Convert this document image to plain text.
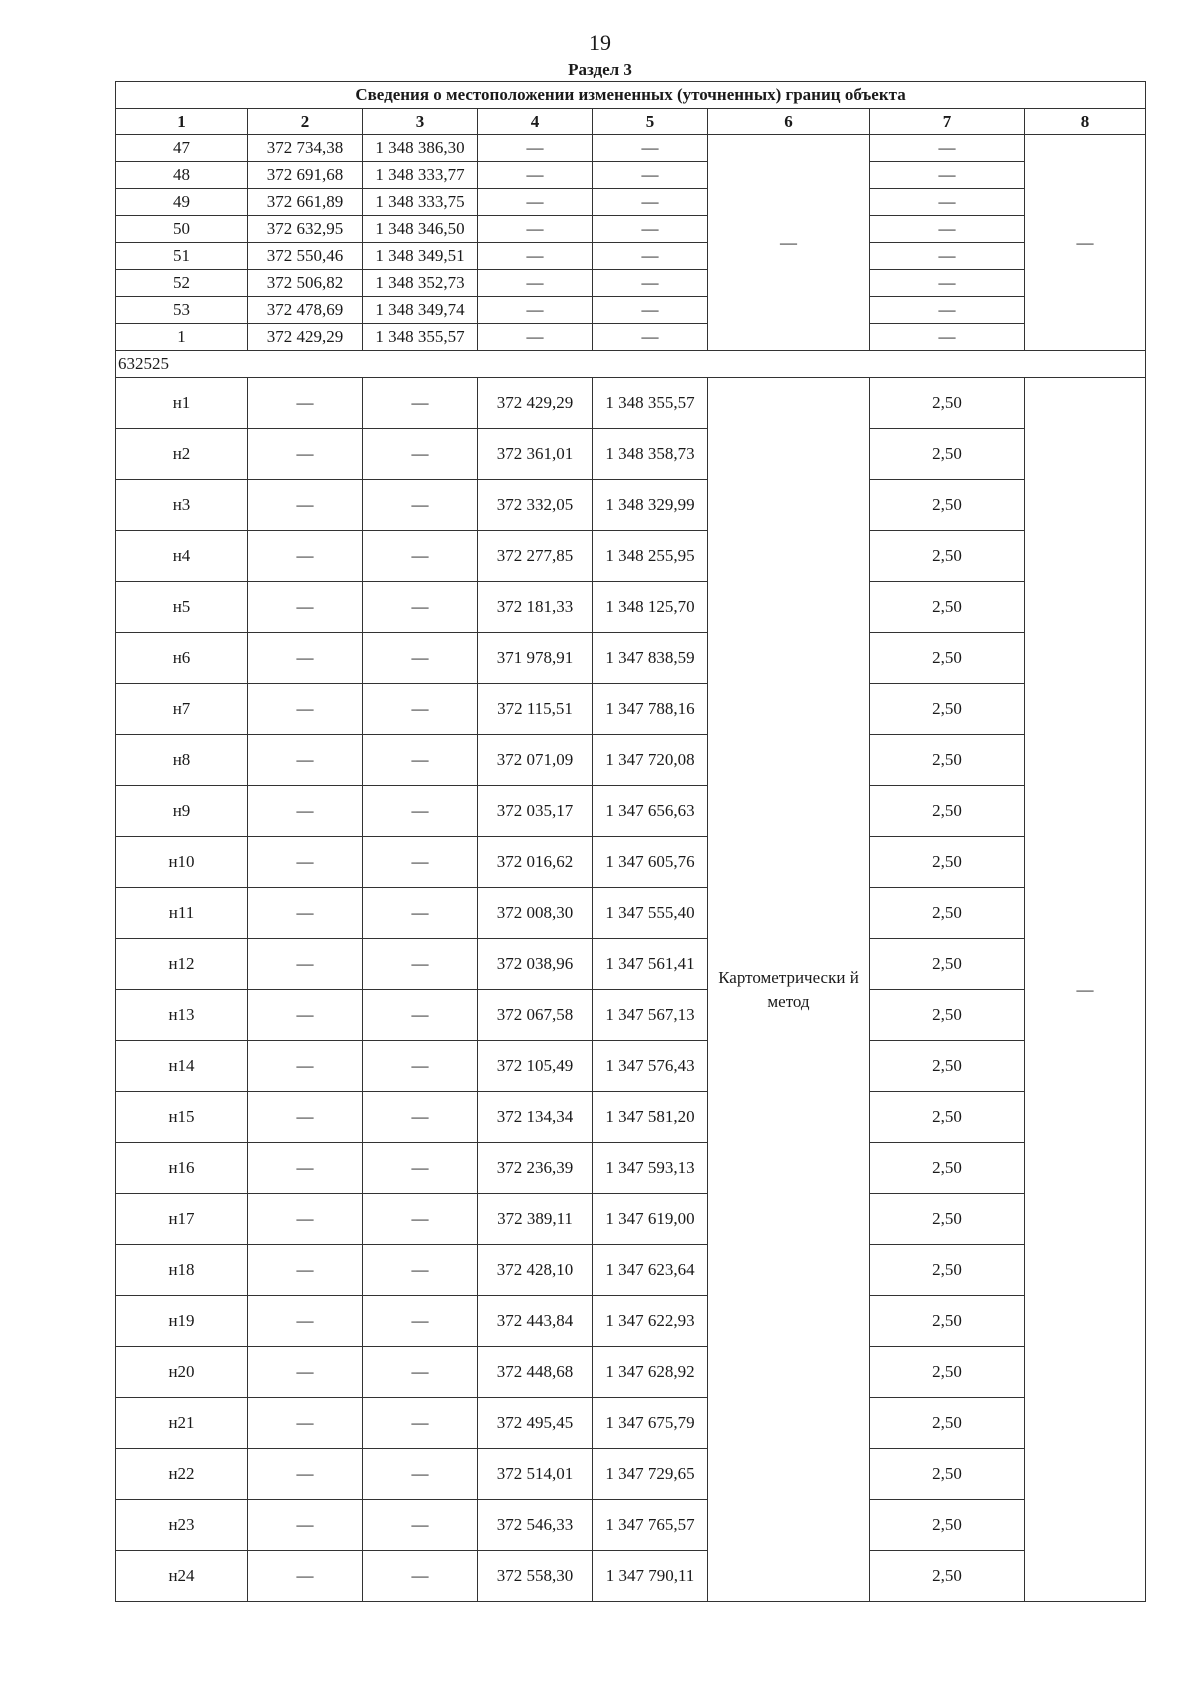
19
Раздел 3
Сведения о местоположении измененных (уточненных) границ объекта							
1	2	3	4	5	6	7	8
47	372 734,38	1 348 386,30	—	—	—	—	—
48	372 691,68	1 348 333,77	—	—		—	
49	372 661,89	1 348 333,75	—	—		—	
50	372 632,95	1 348 346,50	—	—		—	
51	372 550,46	1 348 349,51	—	—		—	
52	372 506,82	1 348 352,73	—	—		—	
53	372 478,69	1 348 349,74	—	—		—	
1	372 429,29	1 348 355,57	—	—		—	
632525							
н1	—	—	372 429,29	1 348 355,57	Картометрически й метод	2,50	—
н2	—	—	372 361,01	1 348 358,73		2,50	
н3	—	—	372 332,05	1 348 329,99		2,50	
н4	—	—	372 277,85	1 348 255,95		2,50	
н5	—	—	372 181,33	1 348 125,70		2,50	
н6	—	—	371 978,91	1 347 838,59		2,50	
н7	—	—	372 115,51	1 347 788,16		2,50	
н8	—	—	372 071,09	1 347 720,08		2,50	
н9	—	—	372 035,17	1 347 656,63		2,50	
н10	—	—	372 016,62	1 347 605,76		2,50	
н11	—	—	372 008,30	1 347 555,40		2,50	
н12	—	—	372 038,96	1 347 561,41		2,50	
н13	—	—	372 067,58	1 347 567,13		2,50	
н14	—	—	372 105,49	1 347 576,43		2,50	
н15	—	—	372 134,34	1 347 581,20		2,50	
н16	—	—	372 236,39	1 347 593,13		2,50	
н17	—	—	372 389,11	1 347 619,00		2,50	
н18	—	—	372 428,10	1 347 623,64		2,50	
н19	—	—	372 443,84	1 347 622,93		2,50	
н20	—	—	372 448,68	1 347 628,92		2,50	
н21	—	—	372 495,45	1 347 675,79		2,50	
н22	—	—	372 514,01	1 347 729,65		2,50	
н23	—	—	372 546,33	1 347 765,57		2,50	
н24	—	—	372 558,30	1 347 790,11		2,50	
